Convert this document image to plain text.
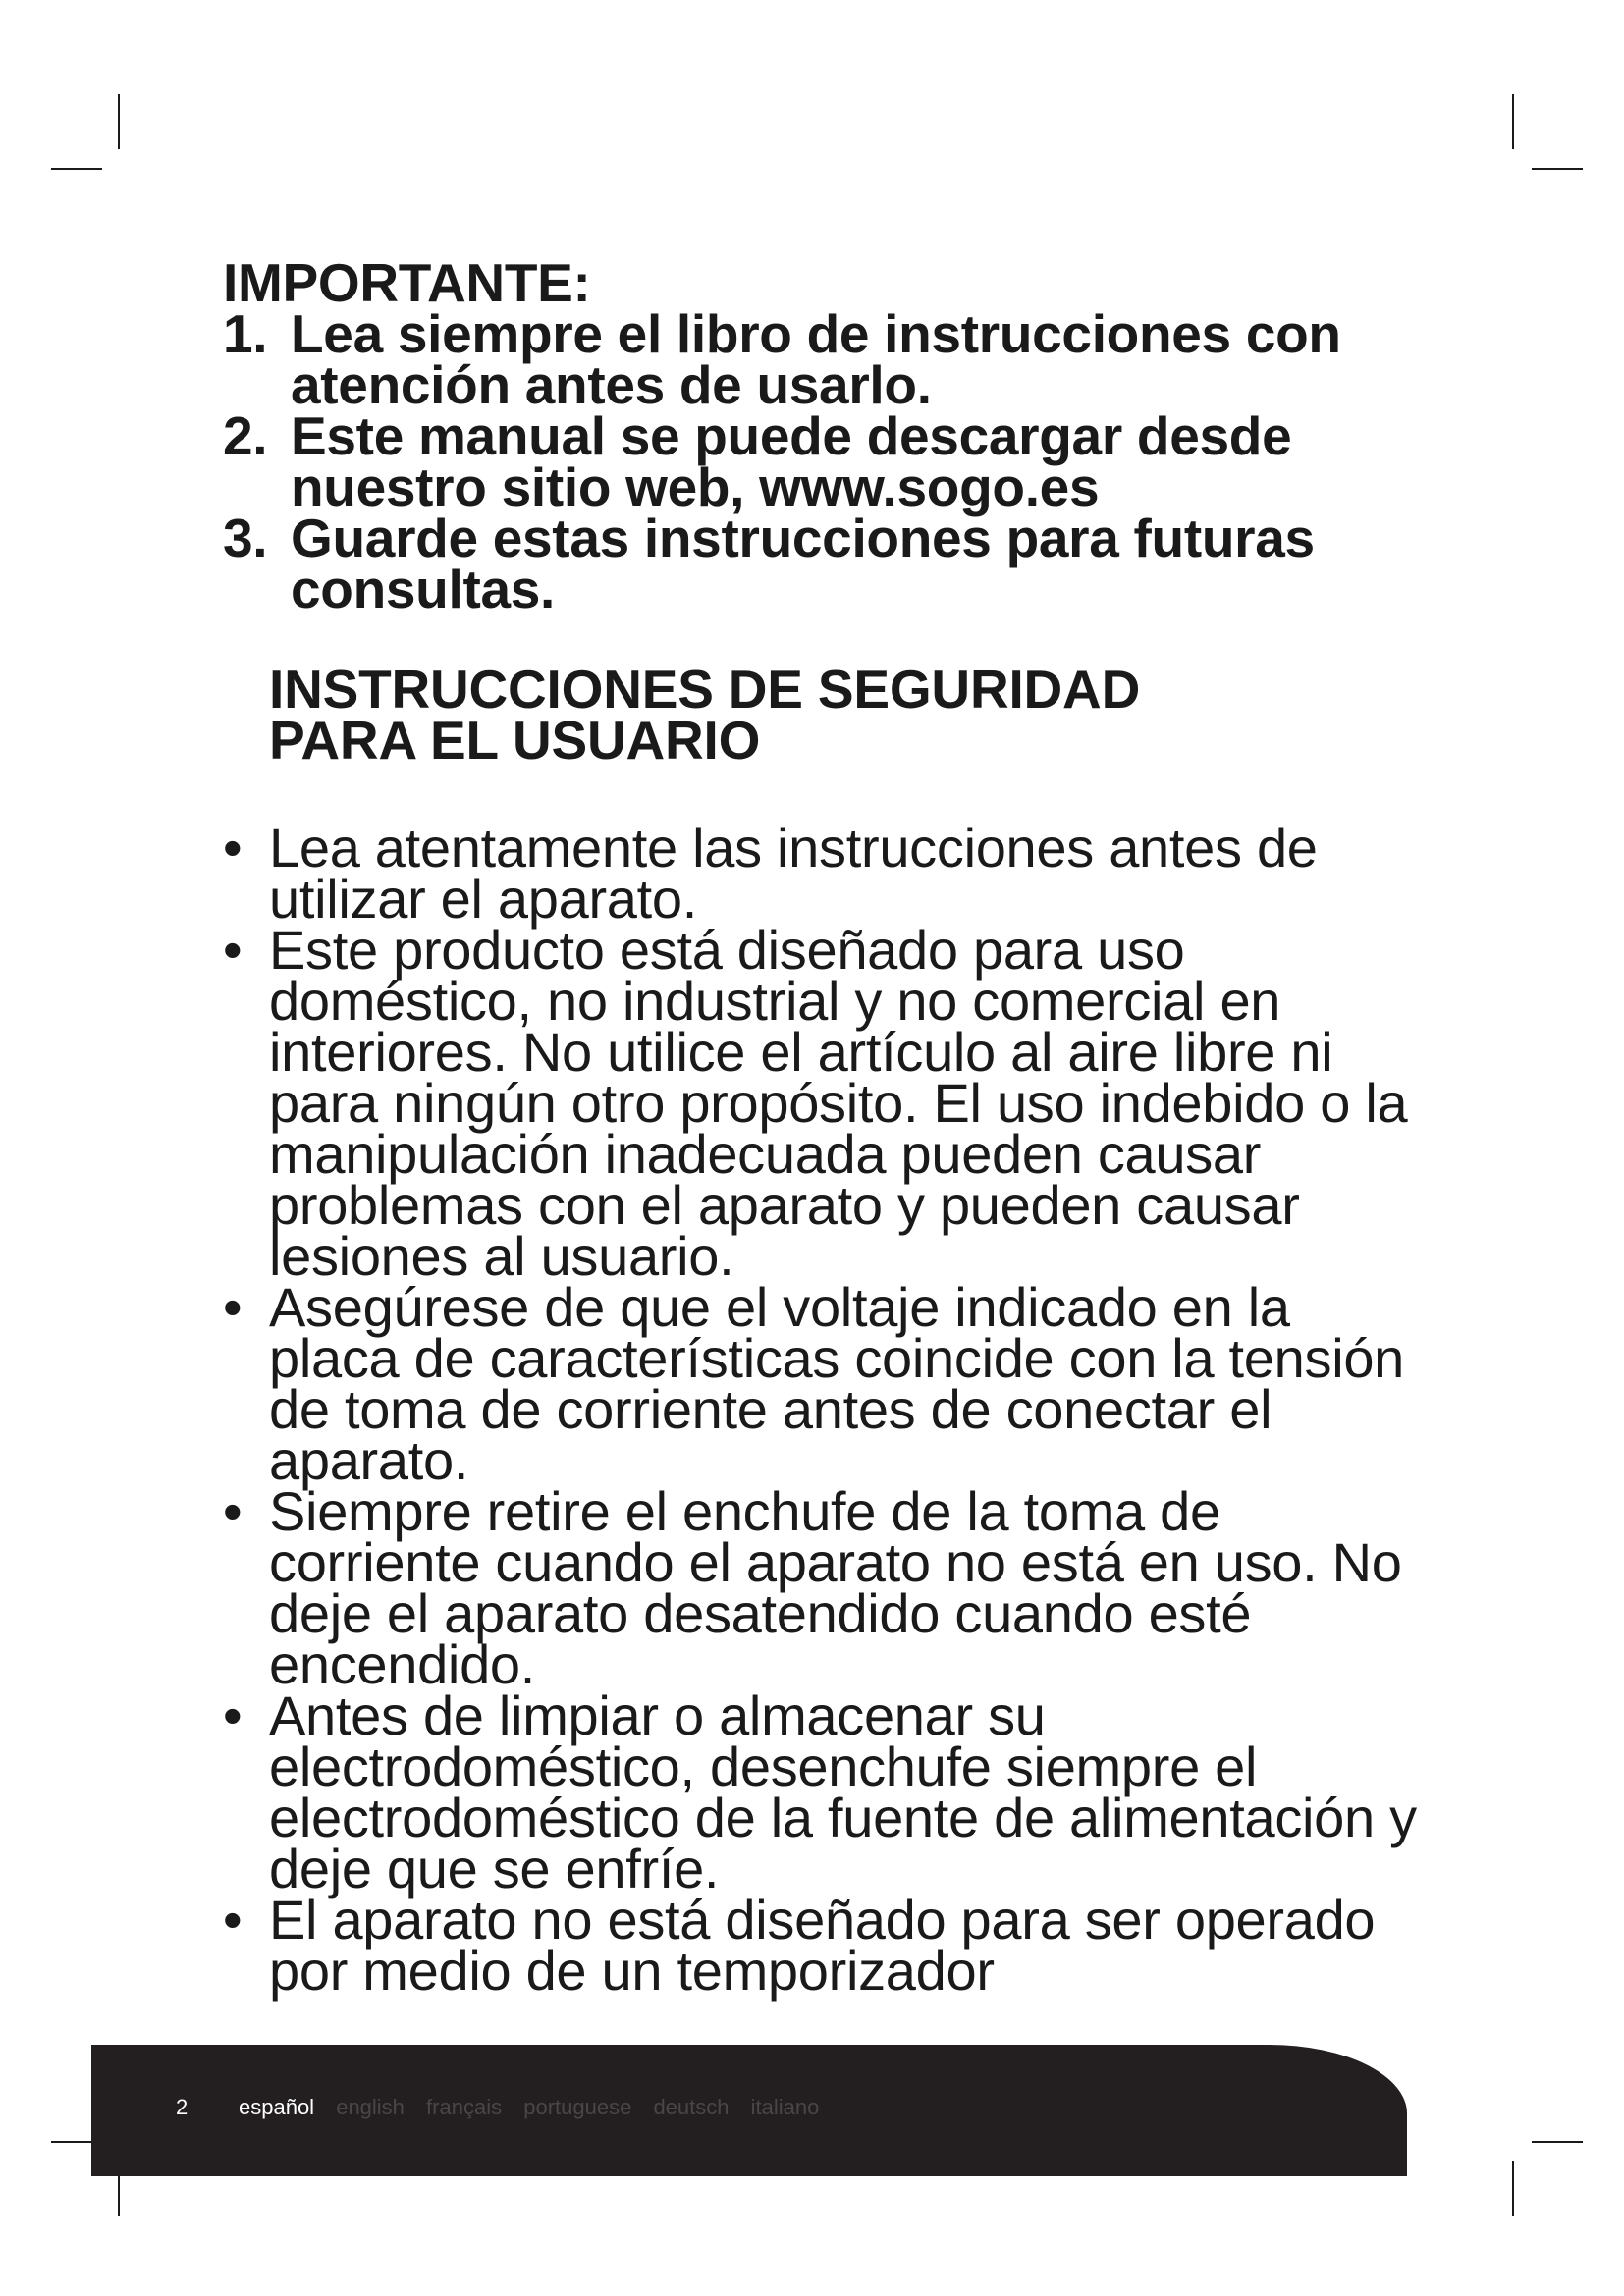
IMPORTANTE:
1. Lea siempre el libro de instrucciones con atención antes de usarlo.
2. Este manual se puede descargar desde nuestro sitio web, www.sogo.es
3. Guarde estas instrucciones para futuras consultas.
INSTRUCCIONES DE SEGURIDAD
PARA EL USUARIO
• Lea atentamente las instrucciones antes de utilizar el aparato.
• Este producto está diseñado para uso doméstico, no industrial y no comercial en interiores. No utilice el artículo al aire libre ni para ningún otro propósito. El uso indebido o la manipulación inadecuada pueden causar problemas con el aparato y pueden causar lesiones al usuario.
• Asegúrese de que el voltaje indicado en la placa de características coincide con la tensión de toma de corriente antes de conectar el aparato.
• Siempre retire el enchufe de la toma de corriente cuando el aparato no está en uso. No deje el aparato desatendido cuando esté encendido.
• Antes de limpiar o almacenar su electrodoméstico, desenchufe siempre el electrodoméstico de la fuente de alimentación y deje que se enfríe.
• El aparato no está diseñado para ser operado por medio de un temporizador
2 español english français portuguese deutsch italiano
